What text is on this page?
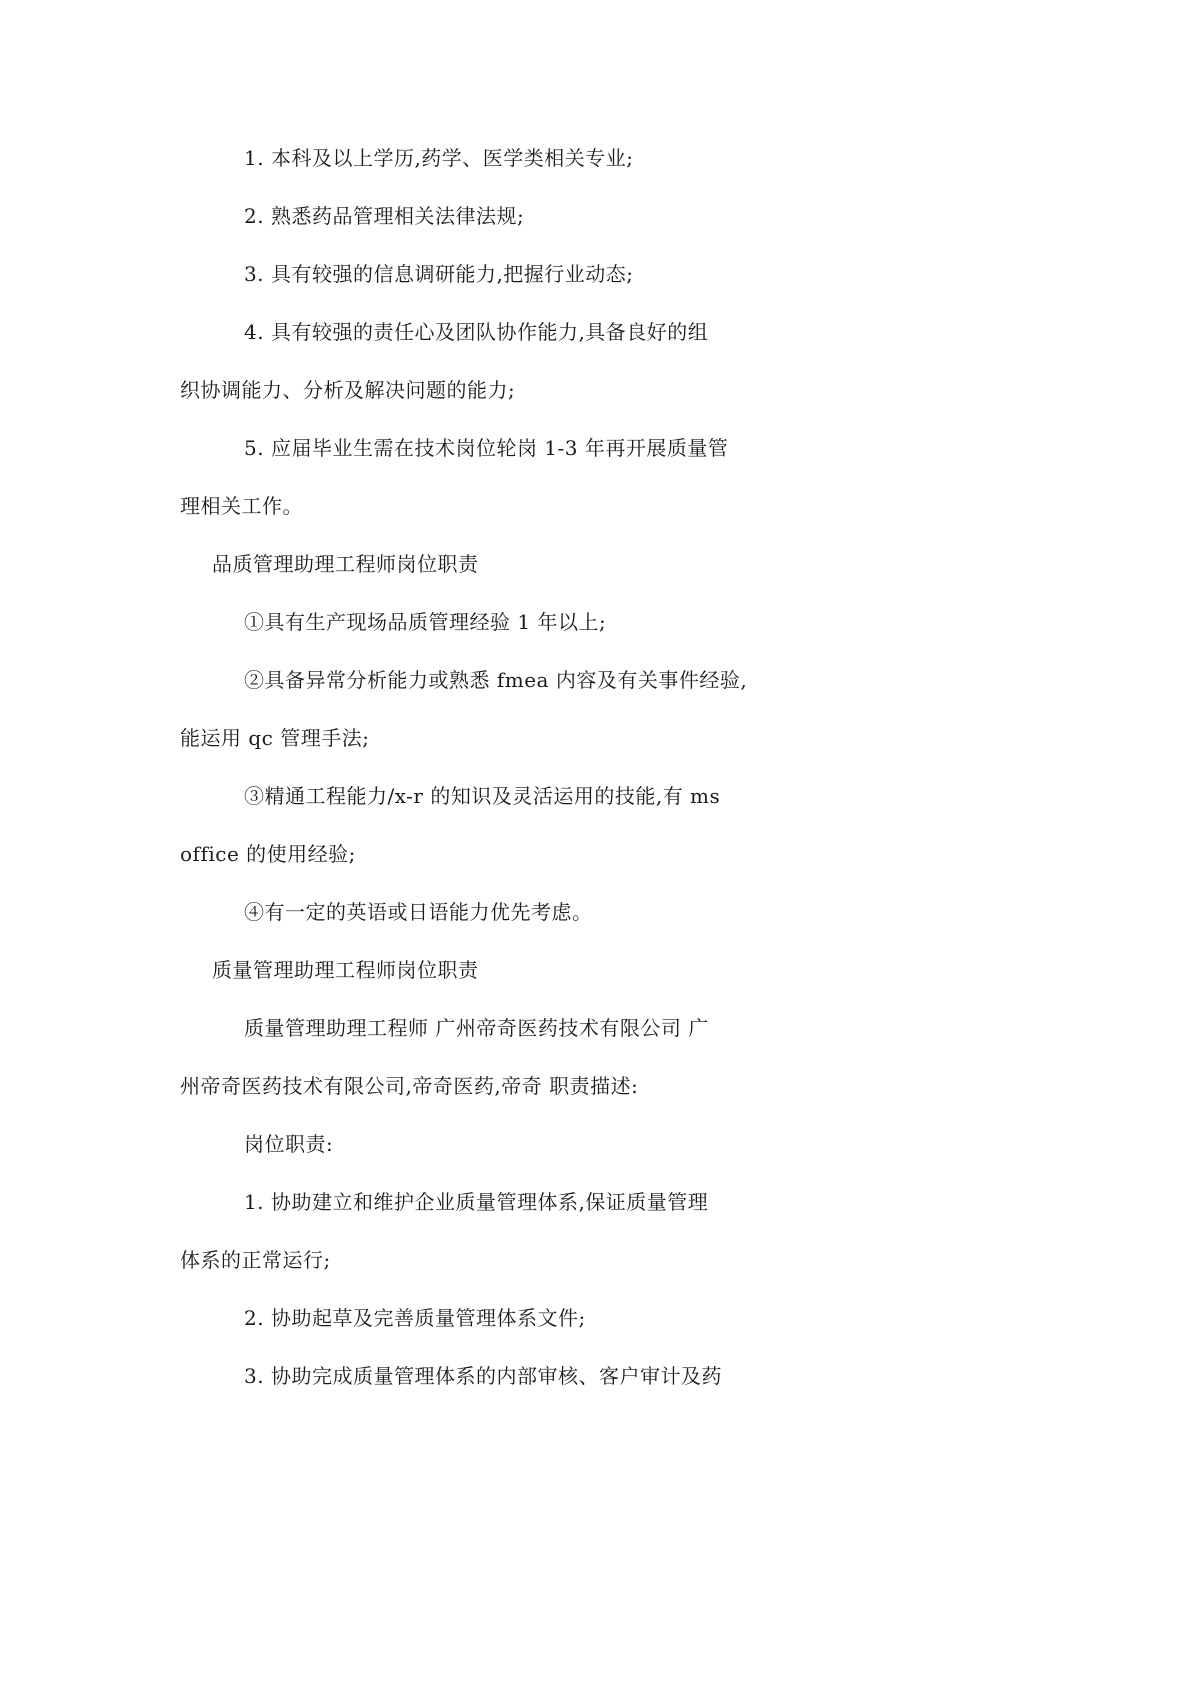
1. 本科及以上学历,药学、医学类相关专业;
2. 熟悉药品管理相关法律法规;
3. 具有较强的信息调研能力,把握行业动态;
4. 具有较强的责任心及团队协作能力,具备良好的组
织协调能力、分析及解决问题的能力;
5. 应届毕业生需在技术岗位轮岗 1-3 年再开展质量管
理相关工作。
品质管理助理工程师岗位职责
①具有生产现场品质管理经验 1 年以上;
②具备异常分析能力或熟悉 fmea 内容及有关事件经验,
能运用 qc 管理手法;
③精通工程能力/x-r 的知识及灵活运用的技能,有 ms
office 的使用经验;
④有一定的英语或日语能力优先考虑。
质量管理助理工程师岗位职责
质量管理助理工程师 广州帝奇医药技术有限公司 广
州帝奇医药技术有限公司,帝奇医药,帝奇 职责描述:
岗位职责:
1. 协助建立和维护企业质量管理体系,保证质量管理
体系的正常运行;
2. 协助起草及完善质量管理体系文件;
3. 协助完成质量管理体系的内部审核、客户审计及药
